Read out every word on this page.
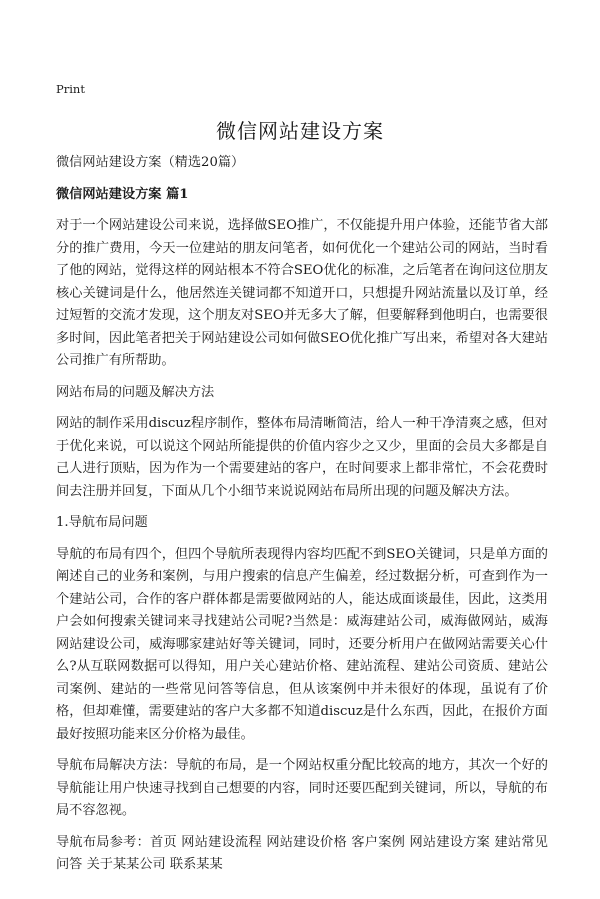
Print
微信网站建设方案

微信网站建设方案（精选20篇）

微信网站建设方案 篇1

对于一个网站建设公司来说，选择做SEO推广，不仅能提升用户体验，还能节省大部分的推广费用，今天一位建站的朋友问笔者，如何优化一个建站公司的网站，当时看了他的网站，觉得这样的网站根本不符合SEO优化的标准，之后笔者在询问这位朋友核心关键词是什么，他居然连关键词都不知道开口，只想提升网站流量以及订单，经过短暂的交流才发现，这个朋友对SEO并无多大了解，但要解释到他明白，也需要很多时间，因此笔者把关于网站建设公司如何做SEO优化推广写出来，希望对各大建站公司推广有所帮助。

网站布局的问题及解决方法

网站的制作采用discuz程序制作，整体布局清晰简洁，给人一种干净清爽之感，但对于优化来说，可以说这个网站所能提供的价值内容少之又少，里面的会员大多都是自己人进行顶贴，因为作为一个需要建站的客户，在时间要求上都非常忙，不会花费时间去注册并回复，下面从几个小细节来说说网站布局所出现的问题及解决方法。

1.导航布局问题

导航的布局有四个，但四个导航所表现得内容均匹配不到SEO关键词，只是单方面的阐述自己的业务和案例，与用户搜索的信息产生偏差，经过数据分析，可查到作为一个建站公司，合作的客户群体都是需要做网站的人，能达成面谈最佳，因此，这类用户会如何搜索关键词来寻找建站公司呢?当然是：威海建站公司，威海做网站，威海网站建设公司，威海哪家建站好等关键词，同时，还要分析用户在做网站需要关心什么?从互联网数据可以得知，用户关心建站价格、建站流程、建站公司资质、建站公司案例、建站的一些常见问答等信息，但从该案例中并未很好的体现，虽说有了价格，但却难懂，需要建站的客户大多都不知道discuz是什么东西，因此，在报价方面最好按照功能来区分价格为最佳。

导航布局解决方法：导航的布局，是一个网站权重分配比较高的地方，其次一个好的导航能让用户快速寻找到自己想要的内容，同时还要匹配到关键词，所以，导航的布局不容忽视。

导航布局参考：首页 网站建设流程 网站建设价格 客户案例 网站建设方案 建站常见问答 关于某某公司 联系某某
